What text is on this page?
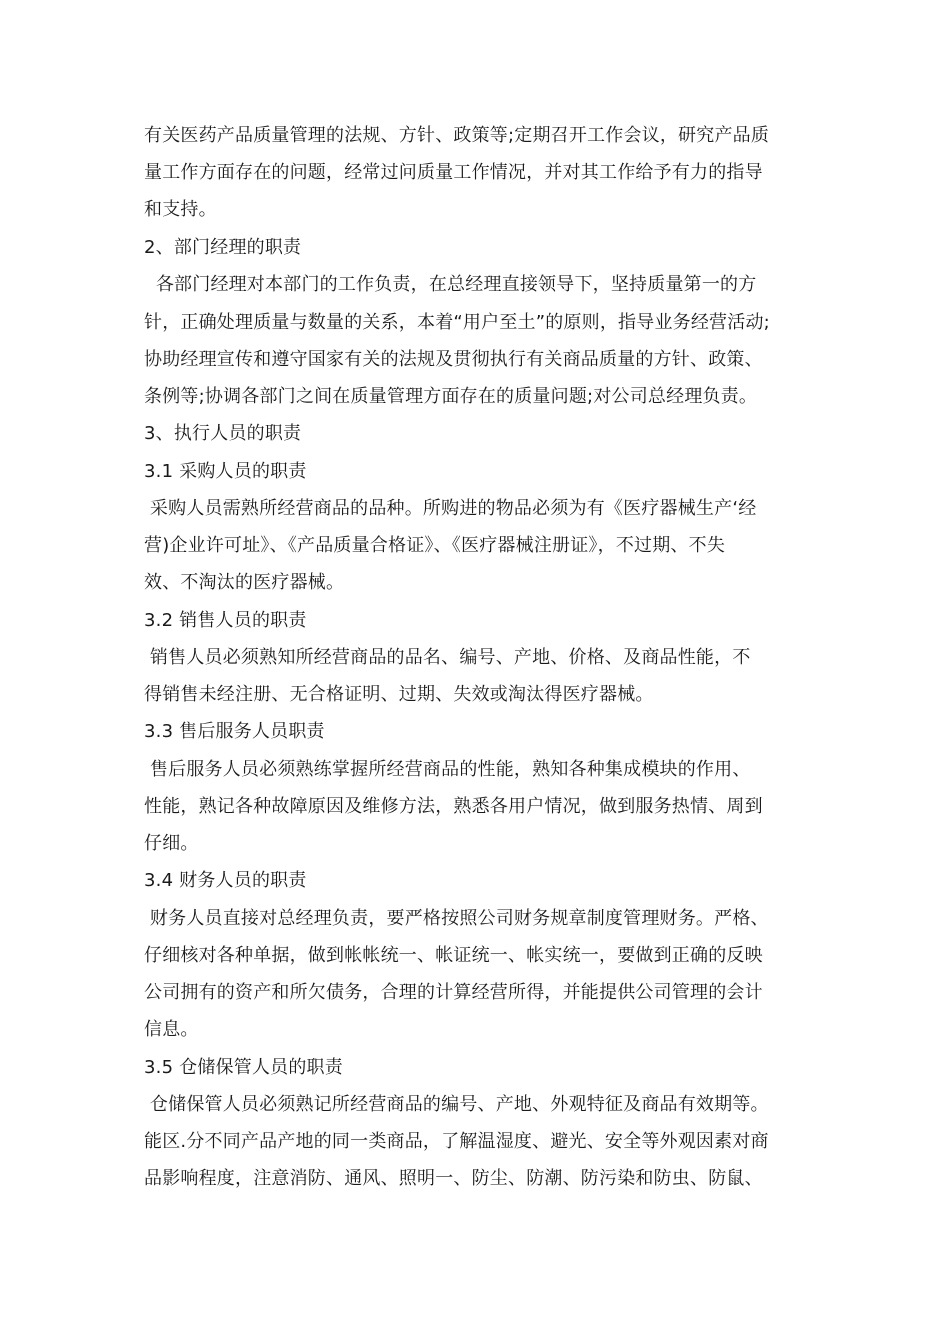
有关医药产品质量管理的法规、方针、政策等;定期召开工作会议，研究产品质
量工作方面存在的问题，经常过问质量工作情况，并对其工作给予有力的指导
和支持。
2、部门经理的职责
各部门经理对本部门的工作负责，在总经理直接领导下，坚持质量第一的方
针，正确处理质量与数量的关系，本着“用户至土”的原则，指导业务经营活动;
协助经理宣传和遵守国家有关的法规及贯彻执行有关商品质量的方针、政策、
条例等;协调各部门之间在质量管理方面存在的质量问题;对公司总经理负责。
3、执行人员的职责
3.1 采购人员的职责
采购人员需熟所经营商品的品种。所购进的物品必须为有《医疗器械生产‘经
营)企业许可址》、《产品质量合格证》、《医疗器械注册证》，不过期、不失
效、不淘汰的医疗器械。
3.2 销售人员的职责
销售人员必须熟知所经营商品的品名、编号、产地、价格、及商品性能，不
得销售未经注册、无合格证明、过期、失效或淘汰得医疗器械。
3.3 售后服务人员职责
售后服务人员必须熟练掌握所经营商品的性能，熟知各种集成模块的作用、
性能，熟记各种故障原因及维修方法，熟悉各用户情况，做到服务热情、周到
仔细。
3.4 财务人员的职责
财务人员直接对总经理负责，要严格按照公司财务规章制度管理财务。严格、
仔细核对各种单据，做到帐帐统一、帐证统一、帐实统一，要做到正确的反映
公司拥有的资产和所欠债务，合理的计算经营所得，并能提供公司管理的会计
信息。
3.5 仓储保管人员的职责
仓储保管人员必须熟记所经营商品的编号、产地、外观特征及商品有效期等。
能区.分不同产品产地的同一类商品，了解温湿度、避光、安全等外观因素对商
品影响程度，注意消防、通风、照明一、防尘、防潮、防污染和防虫、防鼠、
